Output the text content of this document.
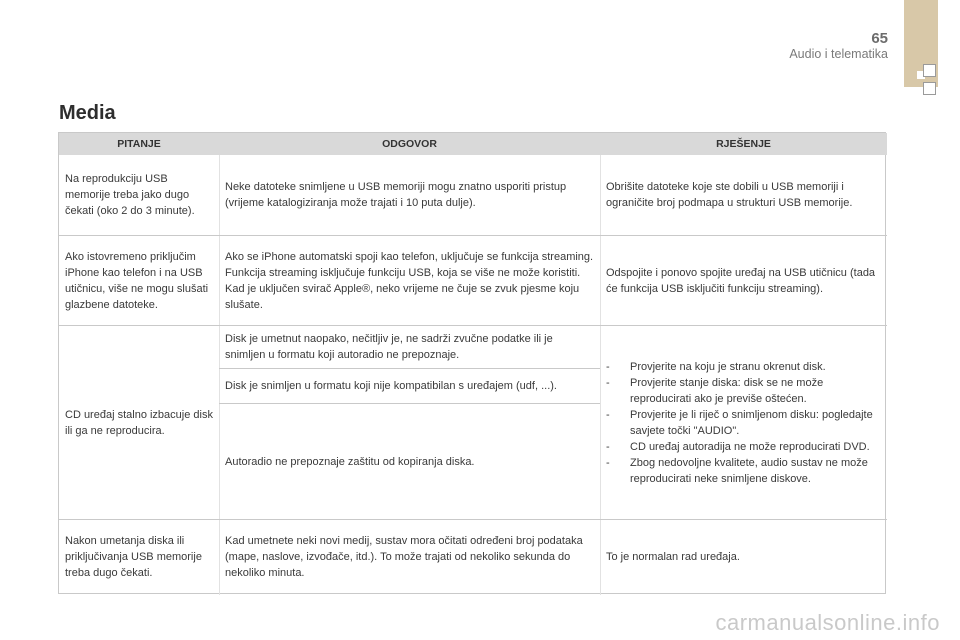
65
Audio i telematika
Media
PITANJE	ODGOVOR	RJEŠENJE
Na reprodukciju USB memorije treba jako dugo čekati (oko 2 do 3 minute).
Neke datoteke snimljene u USB memoriji mogu znatno usporiti pristup (vrijeme katalogiziranja može trajati i 10 puta dulje).
Obrišite datoteke koje ste dobili u USB memoriji i ograničite broj podmapa u strukturi USB memorije.
Ako istovremeno priključim iPhone kao telefon i na USB utičnicu, više ne mogu slušati glazbene datoteke.
Ako se iPhone automatski spoji kao telefon, uključuje se funkcija streaming. Funkcija streaming isključuje funkciju USB, koja se više ne može koristiti. Kad je uključen svirač Apple®, neko vrijeme ne čuje se zvuk pjesme koju slušate.
Odspojite i ponovo spojite uređaj na USB utičnicu (tada će funkcija USB isključiti funkciju streaming).
CD uređaj stalno izbacuje disk ili ga ne reproducira.
Disk je umetnut naopako, nečitljiv je, ne sadrži zvučne podatke ili je snimljen u formatu koji autoradio ne prepoznaje.
Disk je snimljen u formatu koji nije kompatibilan s uređajem (udf, ...).
Autoradio ne prepoznaje zaštitu od kopiranja diska.
- Provjerite na koju je stranu okrenut disk.
- Provjerite stanje diska: disk se ne može reproducirati ako je previše oštećen.
- Provjerite je li riječ o snimljenom disku: pogledajte savjete točki "AUDIO".
- CD uređaj autoradija ne može reproducirati DVD.
- Zbog nedovoljne kvalitete, audio sustav ne može reproducirati neke snimljene diskove.
Nakon umetanja diska ili priključivanja USB memorije treba dugo čekati.
Kad umetnete neki novi medij, sustav mora očitati određeni broj podataka (mape, naslove, izvođače, itd.). To može trajati od nekoliko sekunda do nekoliko minuta.
To je normalan rad uređaja.
carmanualsonline.info
